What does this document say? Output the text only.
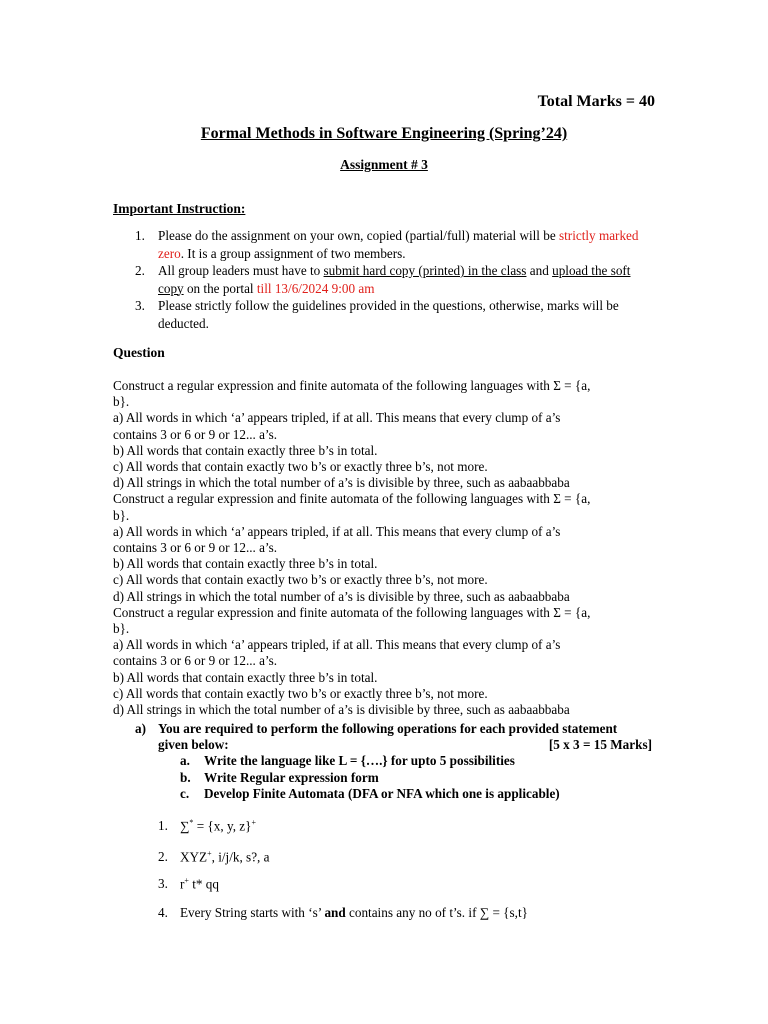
Total Marks = 40
Formal Methods in Software Engineering (Spring’24)
Assignment # 3
Important Instruction:
1. Please do the assignment on your own, copied (partial/full) material will be strictly marked zero. It is a group assignment of two members.
2. All group leaders must have to submit hard copy (printed) in the class and upload the soft copy on the portal till 13/6/2024 9:00 am
3. Please strictly follow the guidelines provided in the questions, otherwise, marks will be deducted.
Question
Construct a regular expression and finite automata of the following languages with Σ = {a,
b}.
a) All words in which ‘a’ appears tripled, if at all. This means that every clump of a’s
contains 3 or 6 or 9 or 12... a’s.
b) All words that contain exactly three b’s in total.
c) All words that contain exactly two b’s or exactly three b’s, not more.
d) All strings in which the total number of a’s is divisible by three, such as aabaabbaba
Construct a regular expression and finite automata of the following languages with Σ = {a,
b}.
a) All words in which ‘a’ appears tripled, if at all. This means that every clump of a’s
contains 3 or 6 or 9 or 12... a’s.
b) All words that contain exactly three b’s in total.
c) All words that contain exactly two b’s or exactly three b’s, not more.
d) All strings in which the total number of a’s is divisible by three, such as aabaabbaba
Construct a regular expression and finite automata of the following languages with Σ = {a,
b}.
a) All words in which ‘a’ appears tripled, if at all. This means that every clump of a’s
contains 3 or 6 or 9 or 12... a’s.
b) All words that contain exactly three b’s in total.
c) All words that contain exactly two b’s or exactly three b’s, not more.
d) All strings in which the total number of a’s is divisible by three, such as aabaabbaba
a) You are required to perform the following operations for each provided statement
given below:	[5 x 3 = 15 Marks]
a. Write the language like L = {….} for upto 5 possibilities
b. Write Regular expression form
c. Develop Finite Automata (DFA or NFA which one is applicable)
1. ∑* = {x, y, z}+
2. XYZ+, i/j/k, s?, a
3. r+ t* qq
4. Every String starts with ‘s’ and contains any no of t’s. if ∑ = {s,t}
